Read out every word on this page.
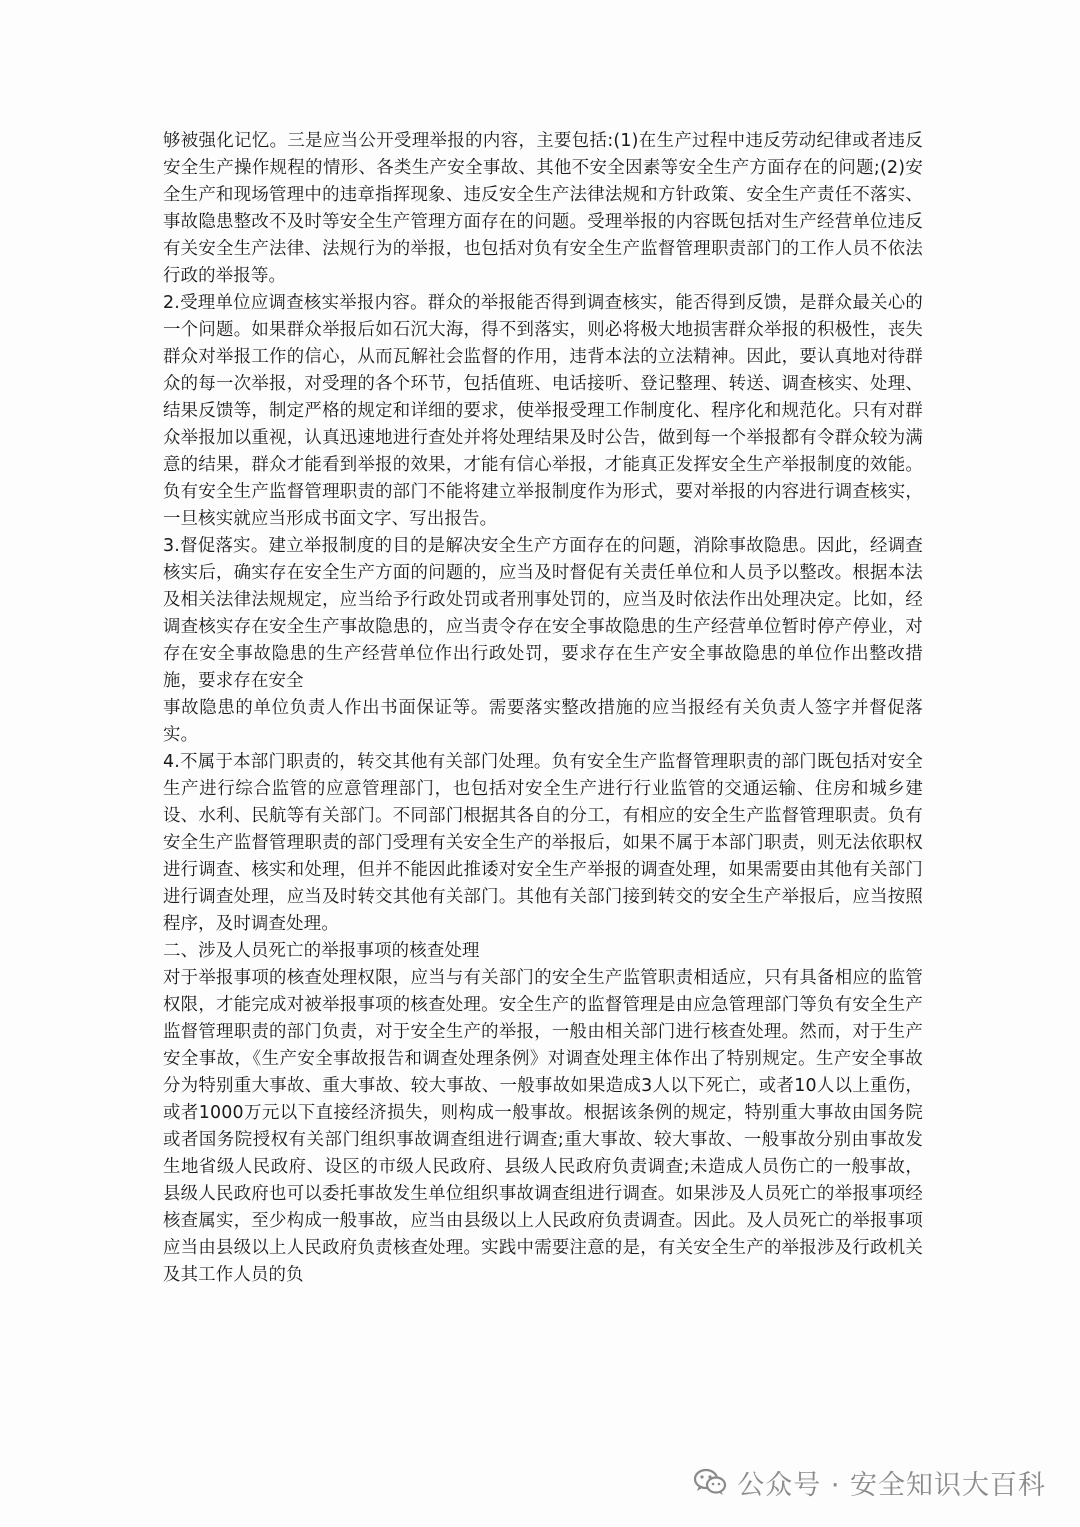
够被强化记忆。三是应当公开受理举报的内容，主要包括:(1)在生产过程中违反劳动纪律或者违反安全生产操作规程的情形、各类生产安全事故、其他不安全因素等安全生产方面存在的问题;(2)安全生产和现场管理中的违章指挥现象、违反安全生产法律法规和方针政策、安全生产责任不落实、事故隐患整改不及时等安全生产管理方面存在的问题。受理举报的内容既包括对生产经营单位违反有关安全生产法律、法规行为的举报，也包括对负有安全生产监督管理职责部门的工作人员不依法行政的举报等。

2.受理单位应调查核实举报内容。群众的举报能否得到调查核实，能否得到反馈，是群众最关心的一个问题。如果群众举报后如石沉大海，得不到落实，则必将极大地损害群众举报的积极性，丧失群众对举报工作的信心，从而瓦解社会监督的作用，违背本法的立法精神。因此，要认真地对待群众的每一次举报，对受理的各个环节，包括值班、电话接听、登记整理、转送、调查核实、处理、结果反馈等，制定严格的规定和详细的要求，使举报受理工作制度化、程序化和规范化。只有对群众举报加以重视，认真迅速地进行查处并将处理结果及时公告，做到每一个举报都有令群众较为满意的结果，群众才能看到举报的效果，才能有信心举报，才能真正发挥安全生产举报制度的效能。负有安全生产监督管理职责的部门不能将建立举报制度作为形式，要对举报的内容进行调查核实，一旦核实就应当形成书面文字、写出报告。

3.督促落实。建立举报制度的目的是解决安全生产方面存在的问题，消除事故隐患。因此，经调查核实后，确实存在安全生产方面的问题的，应当及时督促有关责任单位和人员予以整改。根据本法及相关法律法规规定，应当给予行政处罚或者刑事处罚的，应当及时依法作出处理决定。比如，经调查核实存在安全生产事故隐患的，应当责令存在安全事故隐患的生产经营单位暂时停产停业，对存在安全事故隐患的生产经营单位作出行政处罚，要求存在生产安全事故隐患的单位作出整改措施，要求存在安全

事故隐患的单位负责人作出书面保证等。需要落实整改措施的应当报经有关负责人签字并督促落实。

4.不属于本部门职责的，转交其他有关部门处理。负有安全生产监督管理职责的部门既包括对安全生产进行综合监管的应意管理部门，也包括对安全生产进行行业监管的交通运输、住房和城乡建设、水利、民航等有关部门。不同部门根据其各自的分工，有相应的安全生产监督管理职责。负有安全生产监督管理职责的部门受理有关安全生产的举报后，如果不属于本部门职责，则无法依职权进行调查、核实和处理，但并不能因此推诿对安全生产举报的调查处理，如果需要由其他有关部门进行调查处理，应当及时转交其他有关部门。其他有关部门接到转交的安全生产举报后，应当按照程序，及时调查处理。

二、涉及人员死亡的举报事项的核查处理

对于举报事项的核查处理权限，应当与有关部门的安全生产监管职责相适应，只有具备相应的监管权限，才能完成对被举报事项的核查处理。安全生产的监督管理是由应急管理部门等负有安全生产监督管理职责的部门负责，对于安全生产的举报，一般由相关部门进行核查处理。然而，对于生产安全事故，《生产安全事故报告和调查处理条例》对调查处理主体作出了特别规定。生产安全事故分为特别重大事故、重大事故、较大事故、一般事故如果造成3人以下死亡，或者10人以上重伤，或者1000万元以下直接经济损失，则构成一般事故。根据该条例的规定，特别重大事故由国务院或者国务院授权有关部门组织事故调查组进行调查;重大事故、较大事故、一般事故分别由事故发生地省级人民政府、设区的市级人民政府、县级人民政府负责调查;未造成人员伤亡的一般事故，县级人民政府也可以委托事故发生单位组织事故调查组进行调查。如果涉及人员死亡的举报事项经核查属实，至少构成一般事故，应当由县级以上人民政府负责调查。因此。及人员死亡的举报事项应当由县级以上人民政府负责核查处理。实践中需要注意的是，有关安全生产的举报涉及行政机关及其工作人员的负

公众号 · 安全知识大百科
